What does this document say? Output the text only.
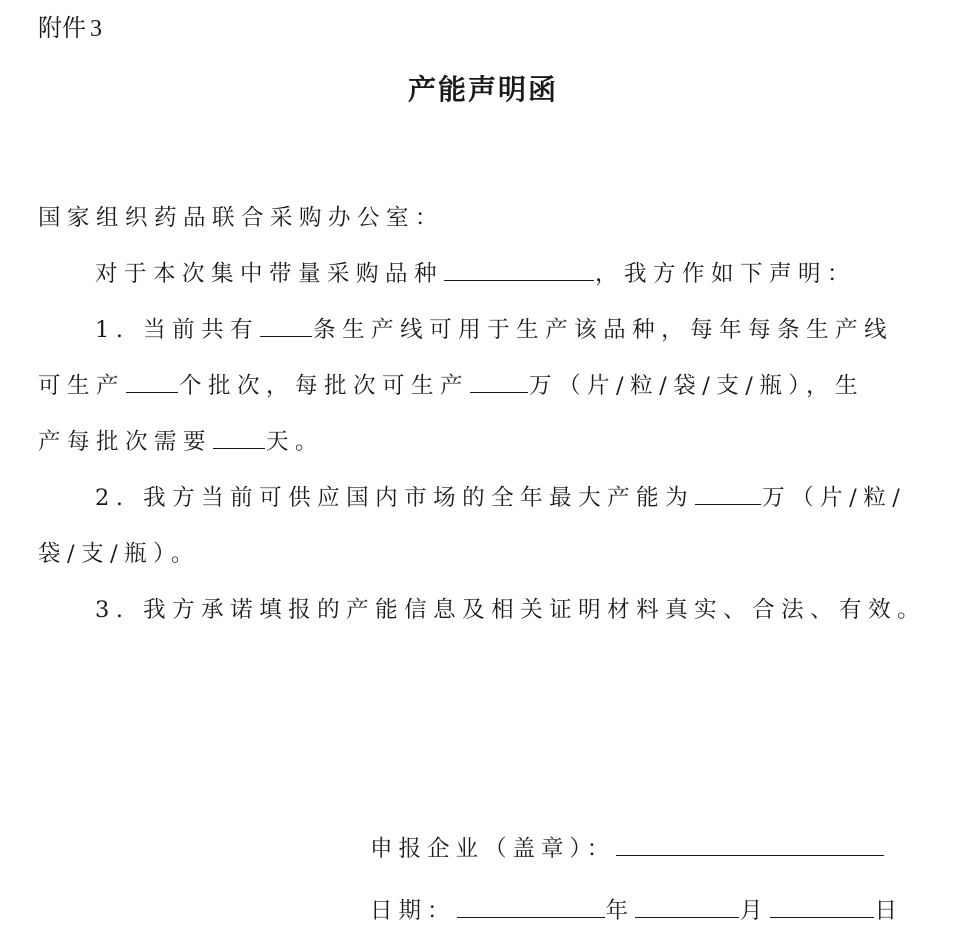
附件 3
产能声明函
国家组织药品联合采购办公室：
对于本次集中带量采购品种	，我方作如下声明：
1. 当前共有 条生产线可用于生产该品种，每年每条生产线
可生产 个批次，每批次可生产	万（片/粒/袋/支/瓶），生
产每批次需要 天。
2. 我方当前可供应国内市场的全年最大产能为	万（片/粒/
袋/支/瓶）。
3. 我方承诺填报的产能信息及相关证明材料真实、合法、有效。
申报企业（盖章）：
日期：	年	月	日
